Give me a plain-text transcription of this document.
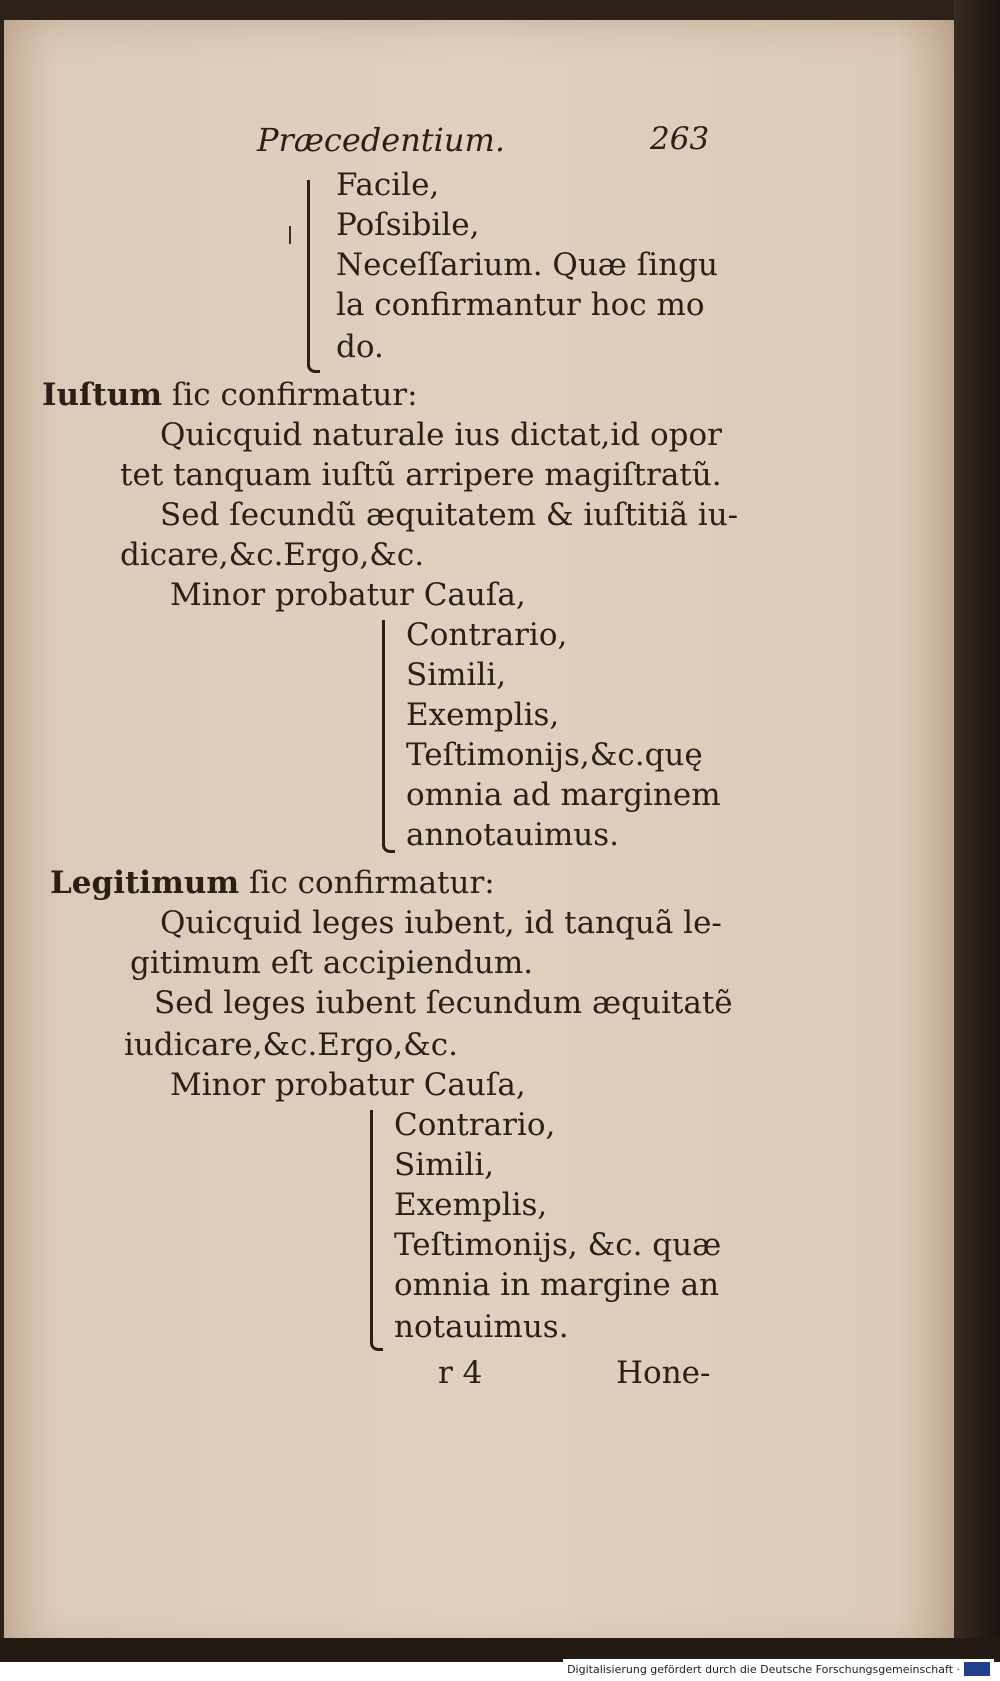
Præcedentium.	263
Facile,
Poſsibile,
Neceſſarium. Quæ ſingu
la confirmantur hoc mo
do.
Iuſtum ſic confirmatur:
Quicquid naturale ius dictat,id opor
tet tanquam iuſtũ arripere magiſtratũ.
Sed ſecundũ æquitatem & iuſtitiã iu-
dicare,&c.Ergo,&c.
Minor probatur Cauſa,
Contrario,
Simili,
Exemplis,
Teſtimonijs,&c.quę
omnia ad marginem
annotauimus.
Legitimum ſic confirmatur:
Quicquid leges iubent, id tanquã le-
gitimum eſt accipiendum.
Sed leges iubent ſecundum æquitatẽ
iudicare,&c.Ergo,&c.
Minor probatur Cauſa,
Contrario,
Simili,
Exemplis,
Teſtimonijs, &c. quæ
omnia in margine an
notauimus.
r 4	Hone-
Digitalisierung gefördert durch die Deutsche Forschungsgemeinschaft ·
